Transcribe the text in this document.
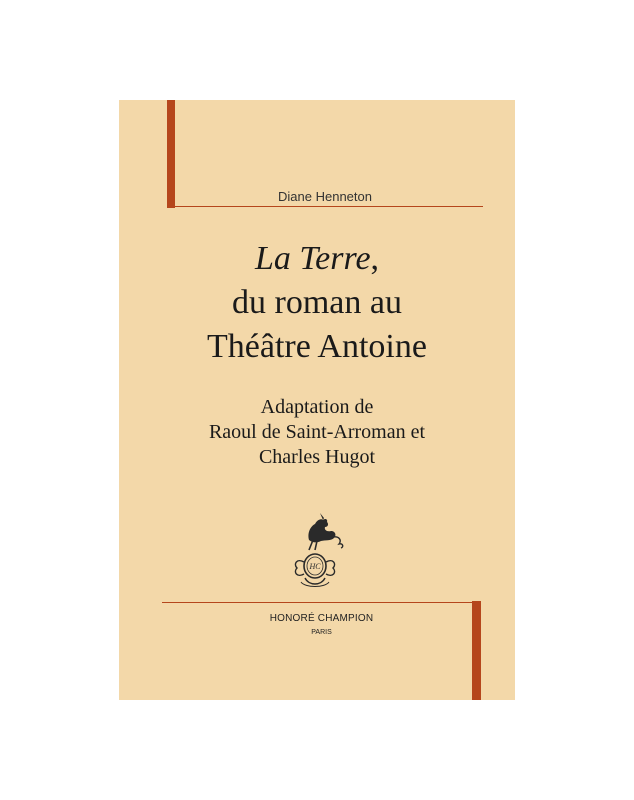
Diane Henneton
La Terre,
du roman au
Théâtre Antoine
Adaptation de
Raoul de Saint-Arroman et
Charles Hugot
HC
HONORÉ CHAMPION
PARIS
